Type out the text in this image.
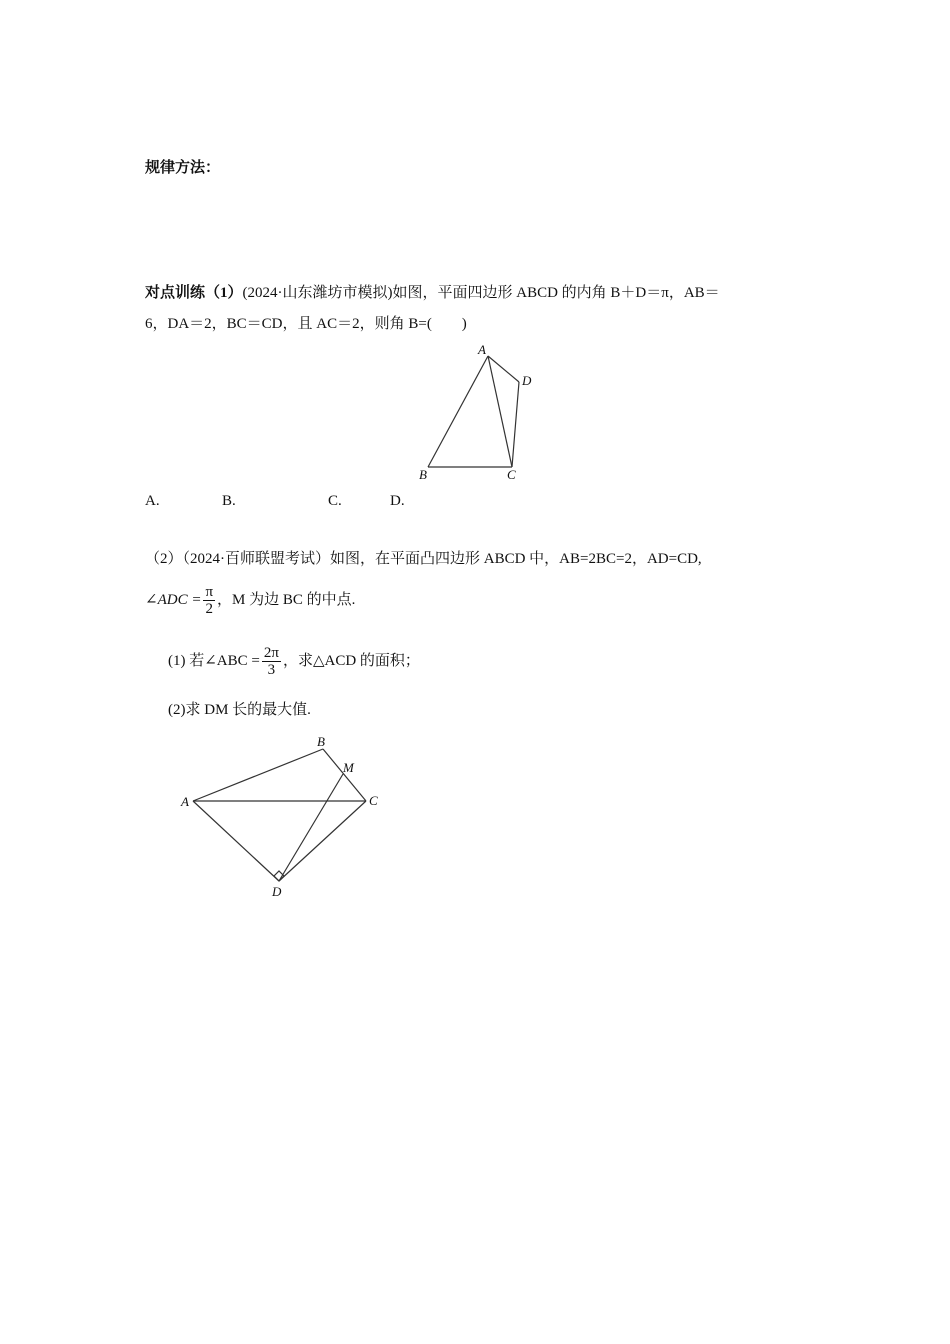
规律方法：
对点训练（1）(2024·山东潍坊市模拟)如图，平面四边形 ABCD 的内角 B＋D＝π，AB＝
6，DA＝2，BC＝CD，且 AC＝2，则角 B=(　　)
A
D
B	C
A.	B.	C.	D.
（2）（2024·百师联盟考试）如图，在平面凸四边形 ABCD 中，AB=2BC=2，AD=CD,
∠ADC = $\frac{\pi}{2}$ ，M 为边 BC 的中点.
(1) 若∠ABC = $\frac{2\pi}{3}$ ，求△ACD 的面积；
(2)求 DM 长的最大值.
B
M
A	C
D
